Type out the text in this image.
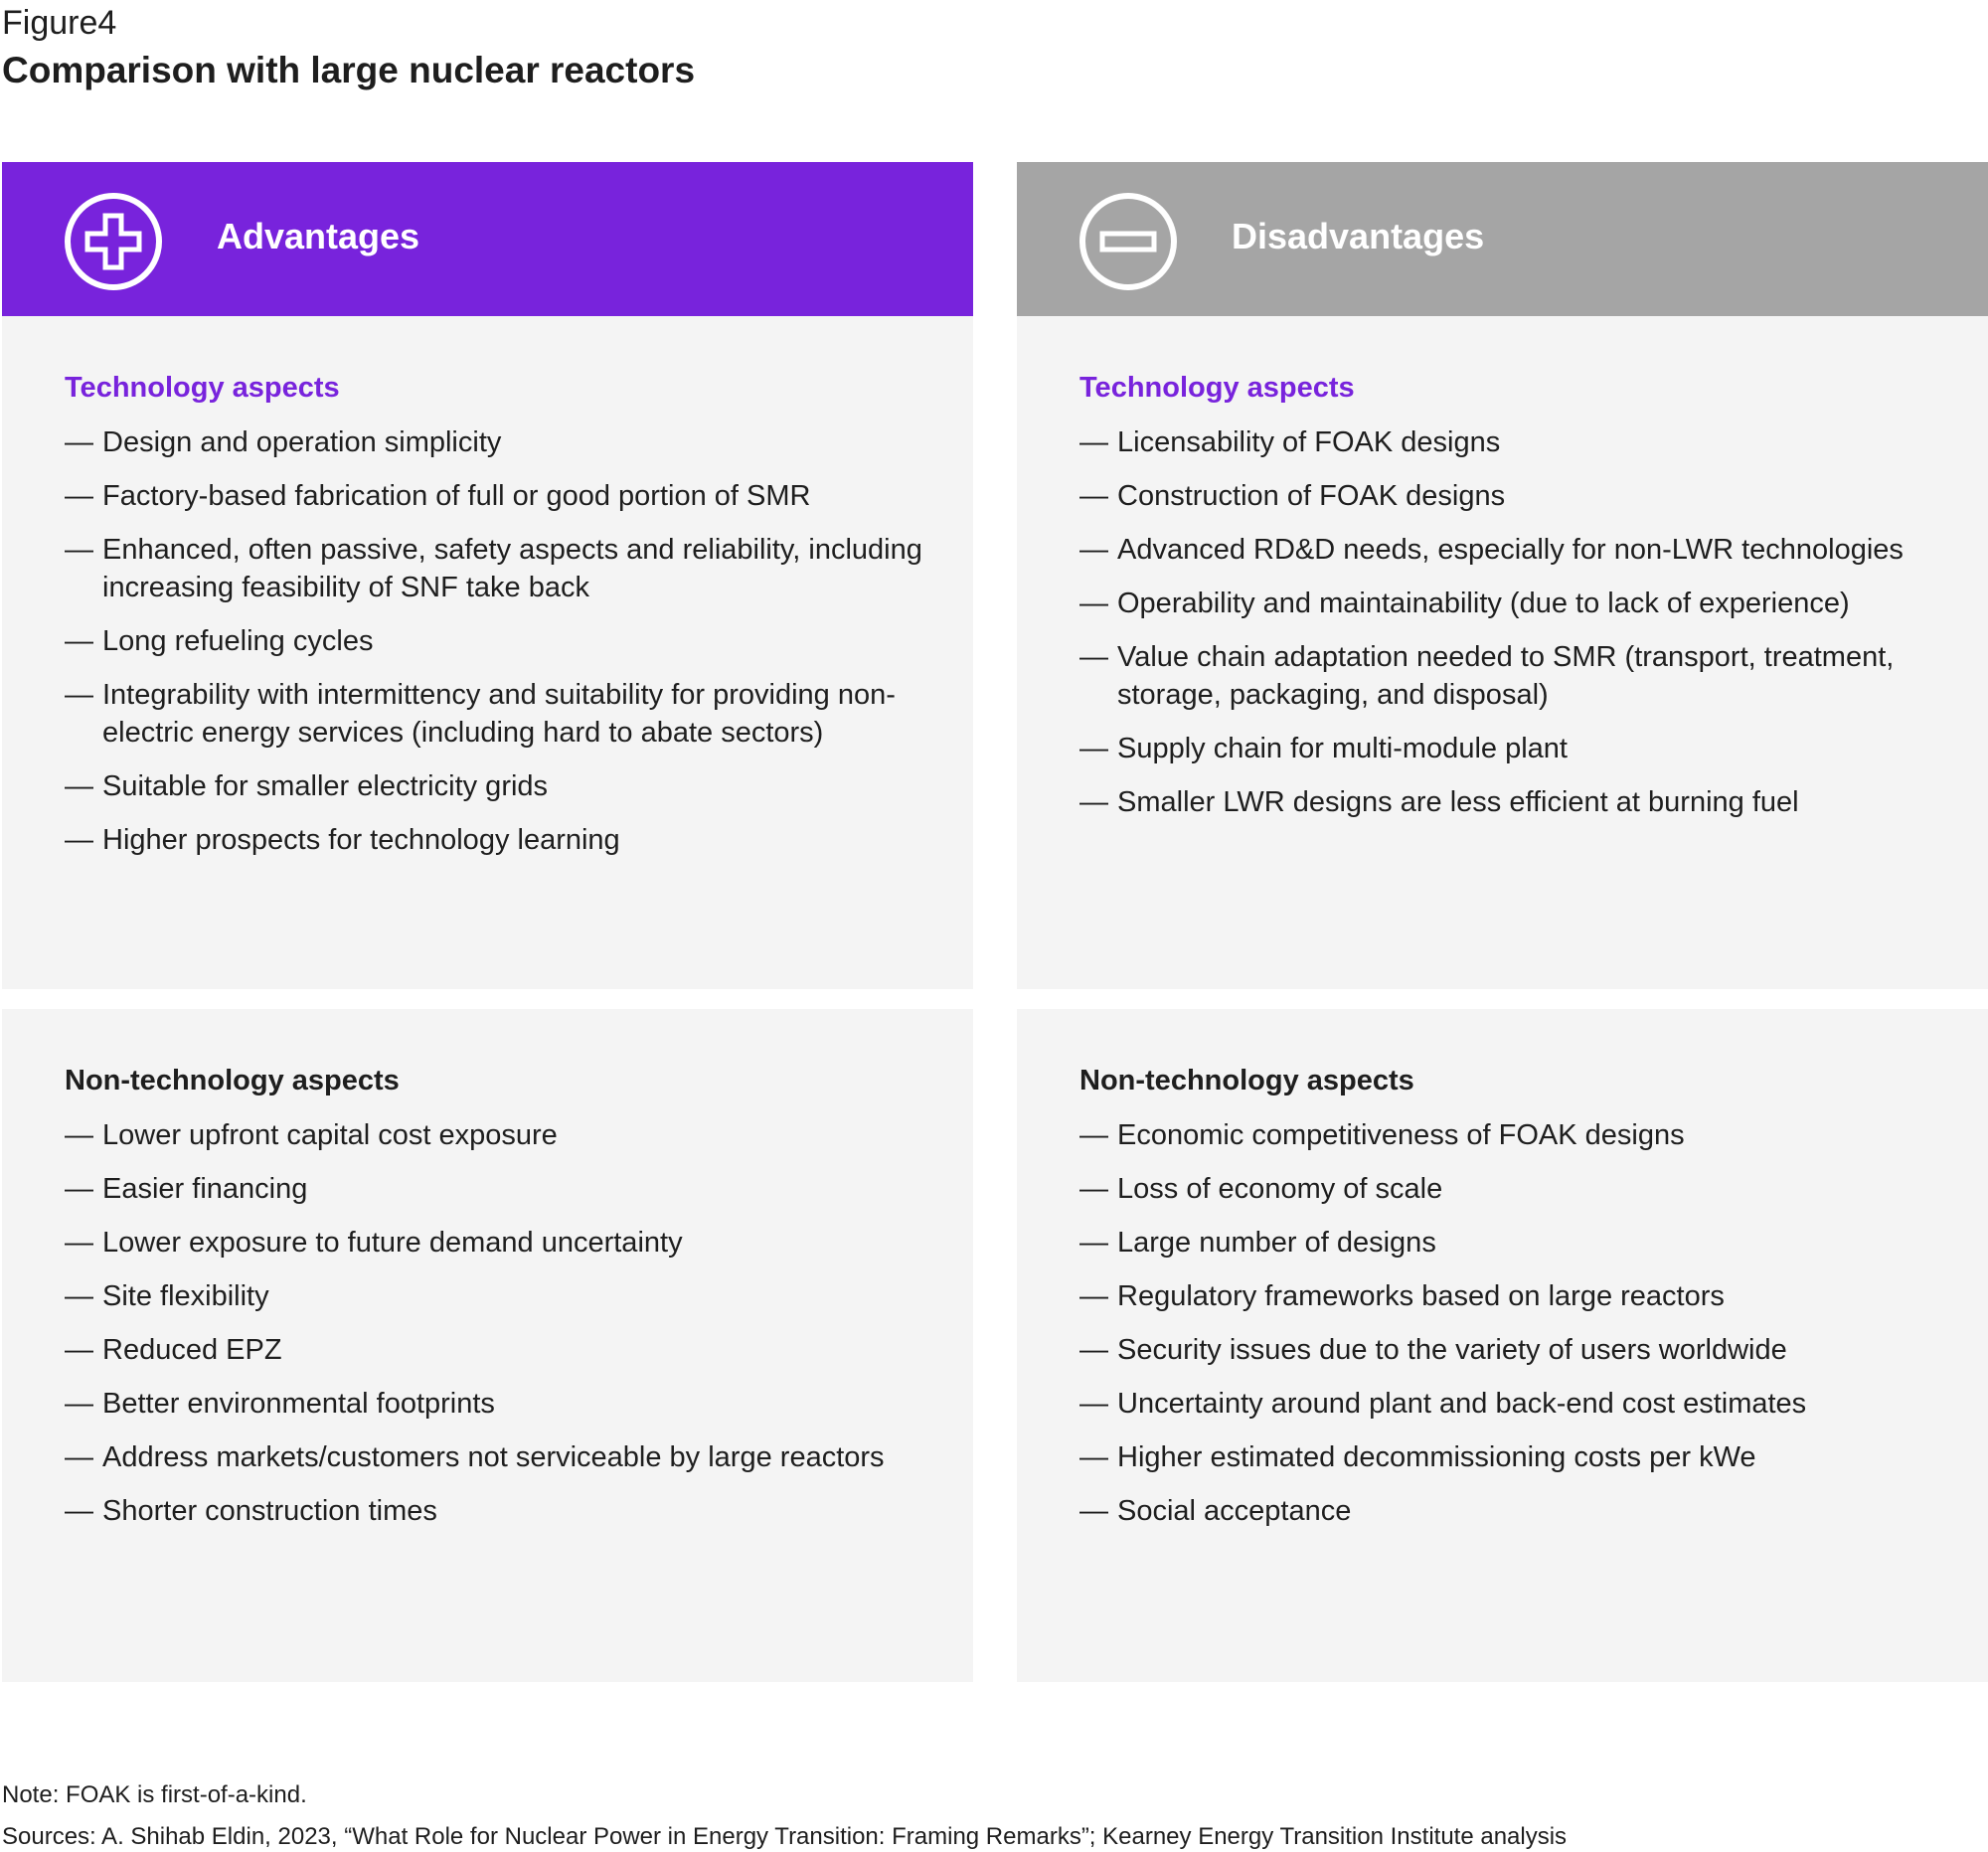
Figure4
Comparison with large nuclear reactors
Advantages	Disadvantages
Technology aspects
— Design and operation simplicity
— Factory-based fabrication of full or good portion of SMR
— Enhanced, often passive, safety aspects and reliability, including increasing feasibility of SNF take back
— Long refueling cycles
— Integrability with intermittency and suitability for providing non-electric energy services (including hard to abate sectors)
— Suitable for smaller electricity grids
— Higher prospects for technology learning
Technology aspects
— Licensability of FOAK designs
— Construction of FOAK designs
— Advanced RD&D needs, especially for non-LWR technologies
— Operability and maintainability (due to lack of experience)
— Value chain adaptation needed to SMR (transport, treatment, storage, packaging, and disposal)
— Supply chain for multi-module plant
— Smaller LWR designs are less efficient at burning fuel
Non-technology aspects
— Lower upfront capital cost exposure
— Easier financing
— Lower exposure to future demand uncertainty
— Site flexibility
— Reduced EPZ
— Better environmental footprints
— Address markets/customers not serviceable by large reactors
— Shorter construction times
Non-technology aspects
— Economic competitiveness of FOAK designs
— Loss of economy of scale
— Large number of designs
— Regulatory frameworks based on large reactors
— Security issues due to the variety of users worldwide
— Uncertainty around plant and back-end cost estimates
— Higher estimated decommissioning costs per kWe
— Social acceptance
Note: FOAK is first-of-a-kind.
Sources: A. Shihab Eldin, 2023, “What Role for Nuclear Power in Energy Transition: Framing Remarks”; Kearney Energy Transition Institute analysis
